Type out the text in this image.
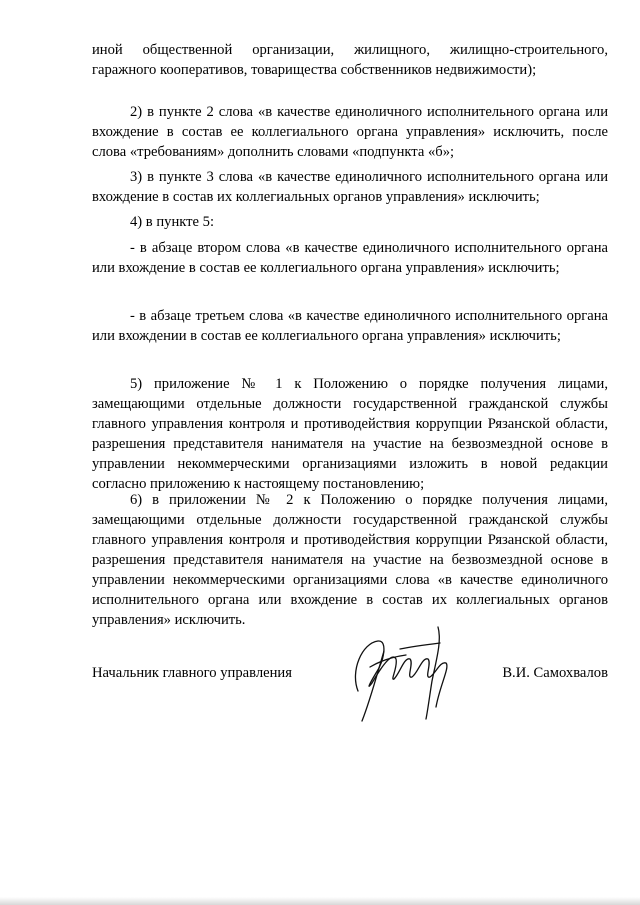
иной общественной организации, жилищного, жилищно-строительного, гаражного кооперативов, товарищества собственников недвижимости);
2) в пункте 2 слова «в качестве единоличного исполнительного органа или вхождение в состав ее коллегиального органа управления» исключить, после слова «требованиям» дополнить словами «подпункта «б»;
3) в пункте 3 слова «в качестве единоличного исполнительного органа или вхождение в состав их коллегиальных органов управления» исключить;
4) в пункте 5:
- в абзаце втором слова «в качестве единоличного исполнительного органа или вхождение в состав ее коллегиального органа управления» исключить;
- в абзаце третьем слова «в качестве единоличного исполнительного органа или вхождении в состав ее коллегиального органа управления» исключить;
5) приложение № 1 к Положению о порядке получения лицами, замещающими отдельные должности государственной гражданской службы главного управления контроля и противодействия коррупции Рязанской области, разрешения представителя нанимателя на участие на безвозмездной основе в управлении некоммерческими организациями изложить в новой редакции согласно приложению к настоящему постановлению;
6) в приложении № 2 к Положению о порядке получения лицами, замещающими отдельные должности государственной гражданской службы главного управления контроля и противодействия коррупции Рязанской области, разрешения представителя нанимателя на участие на безвозмездной основе в управлении некоммерческими организациями слова «в качестве единоличного исполнительного органа или вхождение в состав их коллегиальных органов управления» исключить.
Начальник главного управления	В.И. Самохвалов
